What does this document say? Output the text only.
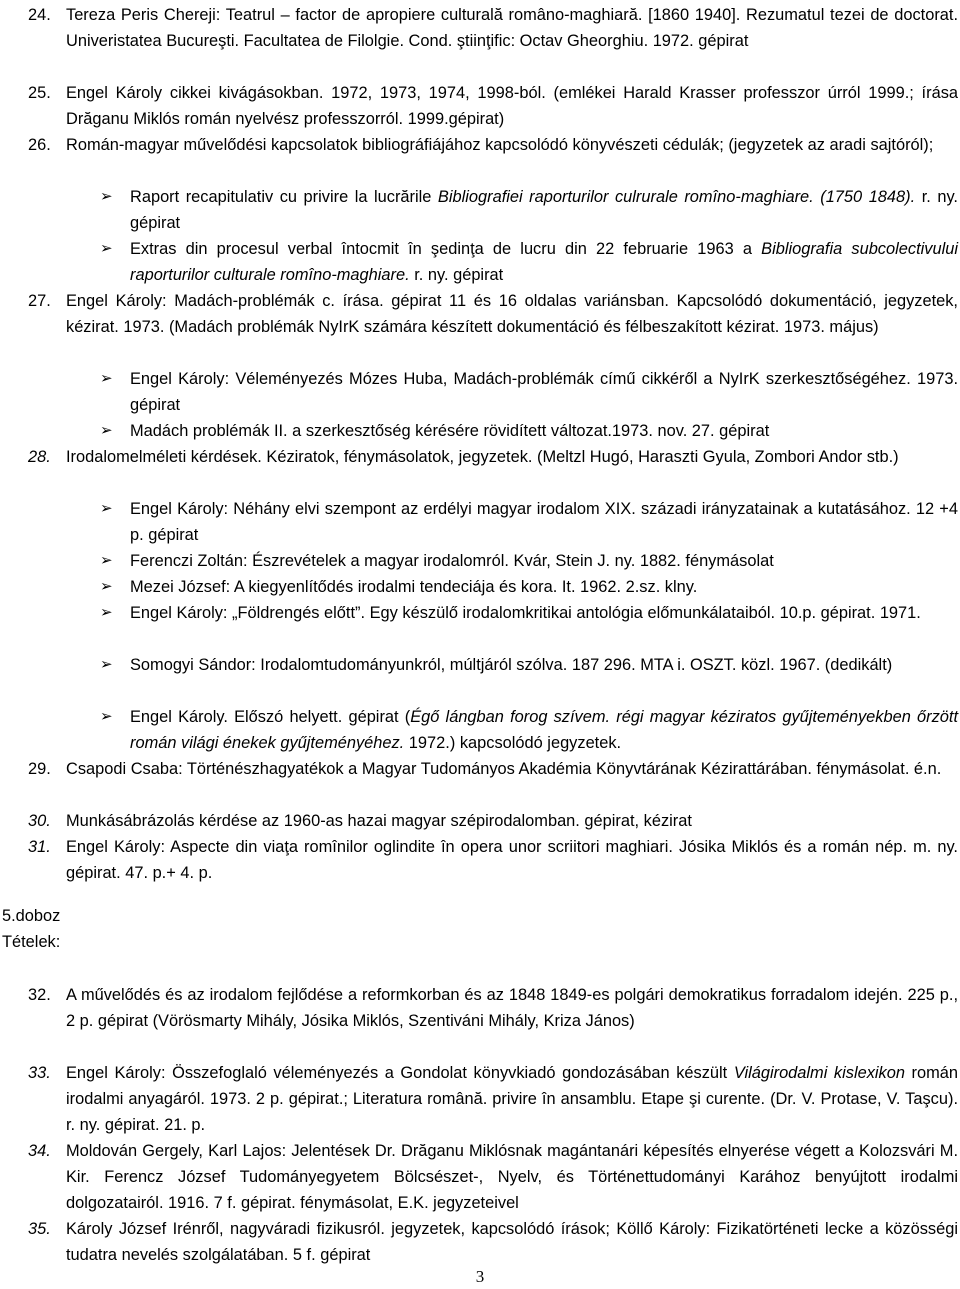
24. Tereza Peris Chereji: Teatrul – factor de apropiere culturală româno-maghiară. [1860 1940]. Rezumatul tezei de doctorat. Univeristatea Bucureşti. Facultatea de Filolgie. Cond. ştiinţific: Octav Gheorghiu. 1972. gépirat
25. Engel Károly cikkei kivágásokban. 1972, 1973, 1974, 1998-ból. (emlékei Harald Krasser professzor úrról 1999.; írása Drăganu Miklós román nyelvész professzorról. 1999.gépirat)
26. Román-magyar művelődési kapcsolatok bibliográfiájához kapcsolódó könyvészeti cédulák; (jegyzetek az aradi sajtóról);
➢	Raport recapitulativ cu privire la lucrările Bibliografiei raporturilor culrurale romîno-maghiare. (1750 1848). r. ny. gépirat
➢	Extras din procesul verbal întocmit în şedinţa de lucru din 22 februarie 1963 a Bibliografia subcolectivului raporturilor culturale romîno-maghiare. r. ny. gépirat
27. Engel Károly: Madách-problémák c. írása. gépirat 11 és 16 oldalas variánsban. Kapcsolódó dokumentáció, jegyzetek, kézirat. 1973. (Madách problémák NyIrK számára készített dokumentáció és félbeszakított kézirat. 1973. május)
➢	Engel Károly: Véleményezés Mózes Huba, Madách-problémák című cikkéről a NyIrK szerkesztőségéhez. 1973. gépirat
➢	Madách problémák II. a szerkesztőség kérésére rövidített változat.1973. nov. 27. gépirat
28. Irodalomelméleti kérdések. Kéziratok, fénymásolatok, jegyzetek. (Meltzl Hugó, Haraszti Gyula, Zombori Andor stb.)
➢	Engel Károly: Néhány elvi szempont az erdélyi magyar irodalom XIX. századi irányzatainak a kutatásához. 12 +4 p. gépirat
➢	Ferenczi Zoltán: Észrevételek a magyar irodalomról. Kvár, Stein J. ny. 1882. fénymásolat
➢	Mezei József: A kiegyenlítődés irodalmi tendeciája és kora. It. 1962. 2.sz. klny.
➢	Engel Károly: „Földrengés előtt”. Egy készülő irodalomkritikai antológia előmunkálataiból. 10.p. gépirat. 1971.
➢	Somogyi Sándor: Irodalomtudományunkról, múltjáról szólva. 187 296. MTA i. OSZT. közl. 1967. (dedikált)
➢	Engel Károly. Előszó helyett. gépirat (Égő lángban forog szívem. régi magyar kéziratos gyűjteményekben őrzött román világi énekek gyűjteményéhez. 1972.) kapcsolódó jegyzetek.
29. Csapodi Csaba: Történészhagyatékok a Magyar Tudományos Akadémia Könyvtárának Kézirattárában. fénymásolat. é.n.
30. Munkásábrázolás kérdése az 1960-as hazai magyar szépirodalomban. gépirat, kézirat
31. Engel Károly: Aspecte din viaţa romînilor oglindite în opera unor scriitori maghiari. Jósika Miklós és a román nép. m. ny. gépirat. 47. p.+ 4. p.
5.doboz
Tételek:
32. A művelődés és az irodalom fejlődése a reformkorban és az 1848 1849-es polgári demokratikus forradalom idején. 225 p., 2 p. gépirat (Vörösmarty Mihály, Jósika Miklós, Szentiváni Mihály, Kriza János)
33. Engel Károly: Összefoglaló véleményezés a Gondolat könyvkiadó gondozásában készült Világirodalmi kislexikon román irodalmi anyagáról. 1973. 2 p. gépirat.; Literatura română. privire în ansamblu. Etape şi curente. (Dr. V. Protase, V. Taşcu). r. ny. gépirat. 21. p.
34. Moldován Gergely, Karl Lajos: Jelentések Dr. Drăganu Miklósnak magántanári képesítés elnyerése végett a Kolozsvári M. Kir. Ferencz József Tudományegyetem Bölcsészet-, Nyelv, és Történettudományi Karához benyújtott irodalmi dolgozatairól. 1916. 7 f. gépirat. fénymásolat, E.K. jegyzeteivel
35. Károly József Irénről, nagyváradi fizikusról. jegyzetek, kapcsolódó írások; Köllő Károly: Fizikatörténeti lecke a közösségi tudatra nevelés szolgálatában. 5 f. gépirat
3
